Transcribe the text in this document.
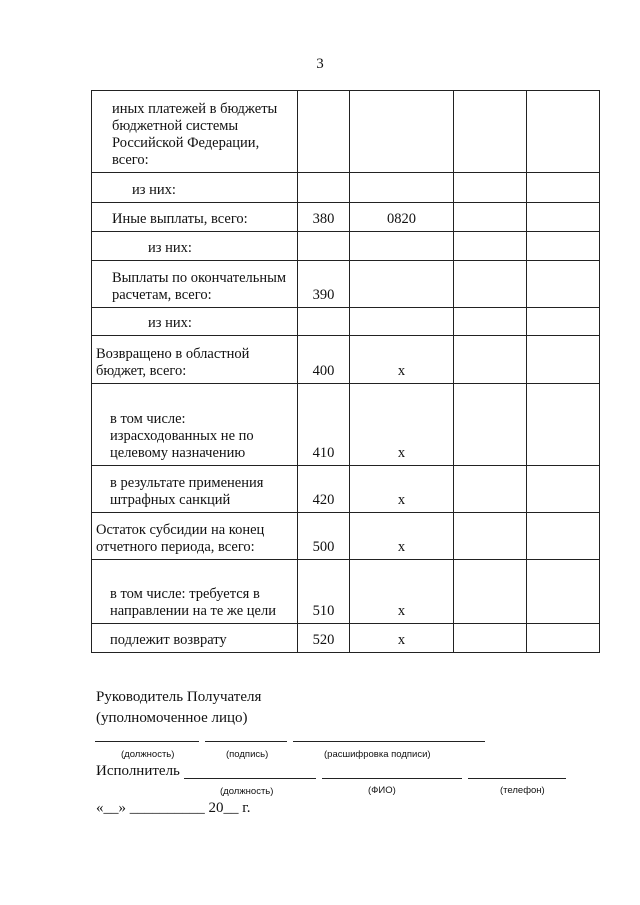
3
иных платежей в бюджеты бюджетной системы Российской Федерации, всего:				
из них:				
Иные выплаты, всего:	380	0820		
из них:				
Выплаты по окончательным расчетам, всего:	390			
из них:				
Возвращено в областной бюджет, всего:	400	x		
в том числе: израсходованных не по целевому назначению	410	x		
в результате применения штрафных санкций	420	x		
Остаток субсидии на конец отчетного периода, всего:	500	x		
в том числе: требуется в направлении на те же цели	510	x		
подлежит возврату	520	x		
Руководитель Получателя
(уполномоченное лицо)
(должность)	(подпись)	(расшифровка подписи)
Исполнитель
(должность)	(ФИО)	(телефон)
«__» __________ 20__ г.
